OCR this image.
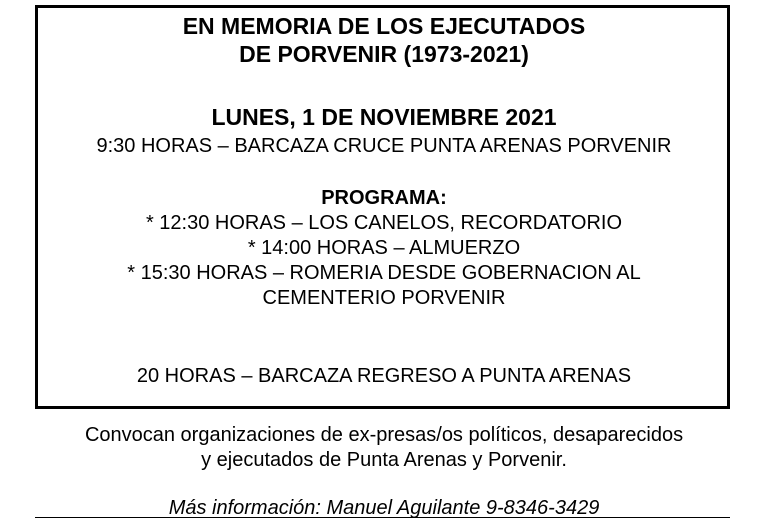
EN MEMORIA DE LOS EJECUTADOS
DE PORVENIR (1973-2021)
LUNES, 1 DE NOVIEMBRE 2021
9:30 HORAS – BARCAZA CRUCE PUNTA ARENAS PORVENIR
PROGRAMA:
* 12:30 HORAS – LOS CANELOS, RECORDATORIO
* 14:00 HORAS – ALMUERZO
* 15:30 HORAS – ROMERIA DESDE GOBERNACION AL
CEMENTERIO PORVENIR
20 HORAS – BARCAZA REGRESO A PUNTA ARENAS
Convocan organizaciones de ex-presas/os políticos, desaparecidos
y ejecutados de Punta Arenas y Porvenir.
Más información: Manuel Aguilante 9-8346-3429
